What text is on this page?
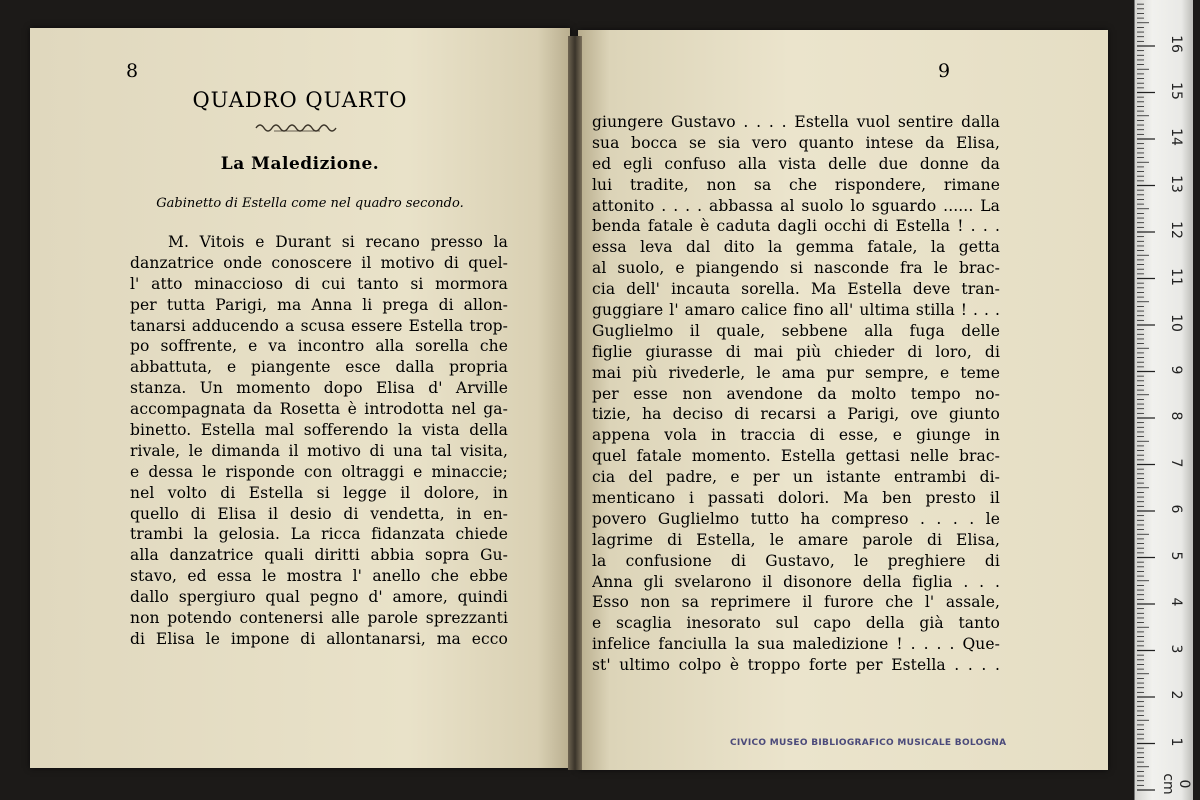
8	9
QUADRO QUARTO
La Maledizione.
Gabinetto di Estella come nel quadro secondo.
M. Vitois e Durant si recano presso la
danzatrice onde conoscere il motivo di quel-
l' atto minaccioso di cui tanto si mormora
per tutta Parigi, ma Anna li prega di allon-
tanarsi adducendo a scusa essere Estella trop-
po soffrente, e va incontro alla sorella che
abbattuta, e piangente esce dalla propria
stanza. Un momento dopo Elisa d' Arville
accompagnata da Rosetta è introdotta nel ga-
binetto. Estella mal sofferendo la vista della
rivale, le dimanda il motivo di una tal visita,
e dessa le risponde con oltraggi e minaccie;
nel volto di Estella si legge il dolore, in
quello di Elisa il desio di vendetta, in en-
trambi la gelosia. La ricca fidanzata chiede
alla danzatrice quali diritti abbia sopra Gu-
stavo, ed essa le mostra l' anello che ebbe
dallo spergiuro qual pegno d' amore, quindi
non potendo contenersi alle parole sprezzanti
di Elisa le impone di allontanarsi, ma ecco
giungere Gustavo . . . . Estella vuol sentire dalla
sua bocca se sia vero quanto intese da Elisa,
ed egli confuso alla vista delle due donne da
lui tradite, non sa che rispondere, rimane
attonito . . . . abbassa al suolo lo sguardo ...... La
benda fatale è caduta dagli occhi di Estella ! . . .
essa leva dal dito la gemma fatale, la getta
al suolo, e piangendo si nasconde fra le brac-
cia dell' incauta sorella. Ma Estella deve tran-
guggiare l' amaro calice fino all' ultima stilla ! . . .
Guglielmo il quale, sebbene alla fuga delle
figlie giurasse di mai più chieder di loro, di
mai più rivederle, le ama pur sempre, e teme
per esse non avendone da molto tempo no-
tizie, ha deciso di recarsi a Parigi, ove giunto
appena vola in traccia di esse, e giunge in
quel fatale momento. Estella gettasi nelle brac-
cia del padre, e per un istante entrambi di-
menticano i passati dolori. Ma ben presto il
povero Guglielmo tutto ha compreso . . . . le
lagrime di Estella, le amare parole di Elisa,
la confusione di Gustavo, le preghiere di
Anna gli svelarono il disonore della figlia . . .
Esso non sa reprimere il furore che l' assale,
e scaglia inesorato sul capo della già tanto
infelice fanciulla la sua maledizione ! . . . . Que-
st' ultimo colpo è troppo forte per Estella . . . .
CIVICO MUSEO BIBLIOGRAFICO MUSICALE BOLOGNA
0 cm
1
2
3
4
5
6
7
8
9
10
11
12
13
14
15
16
